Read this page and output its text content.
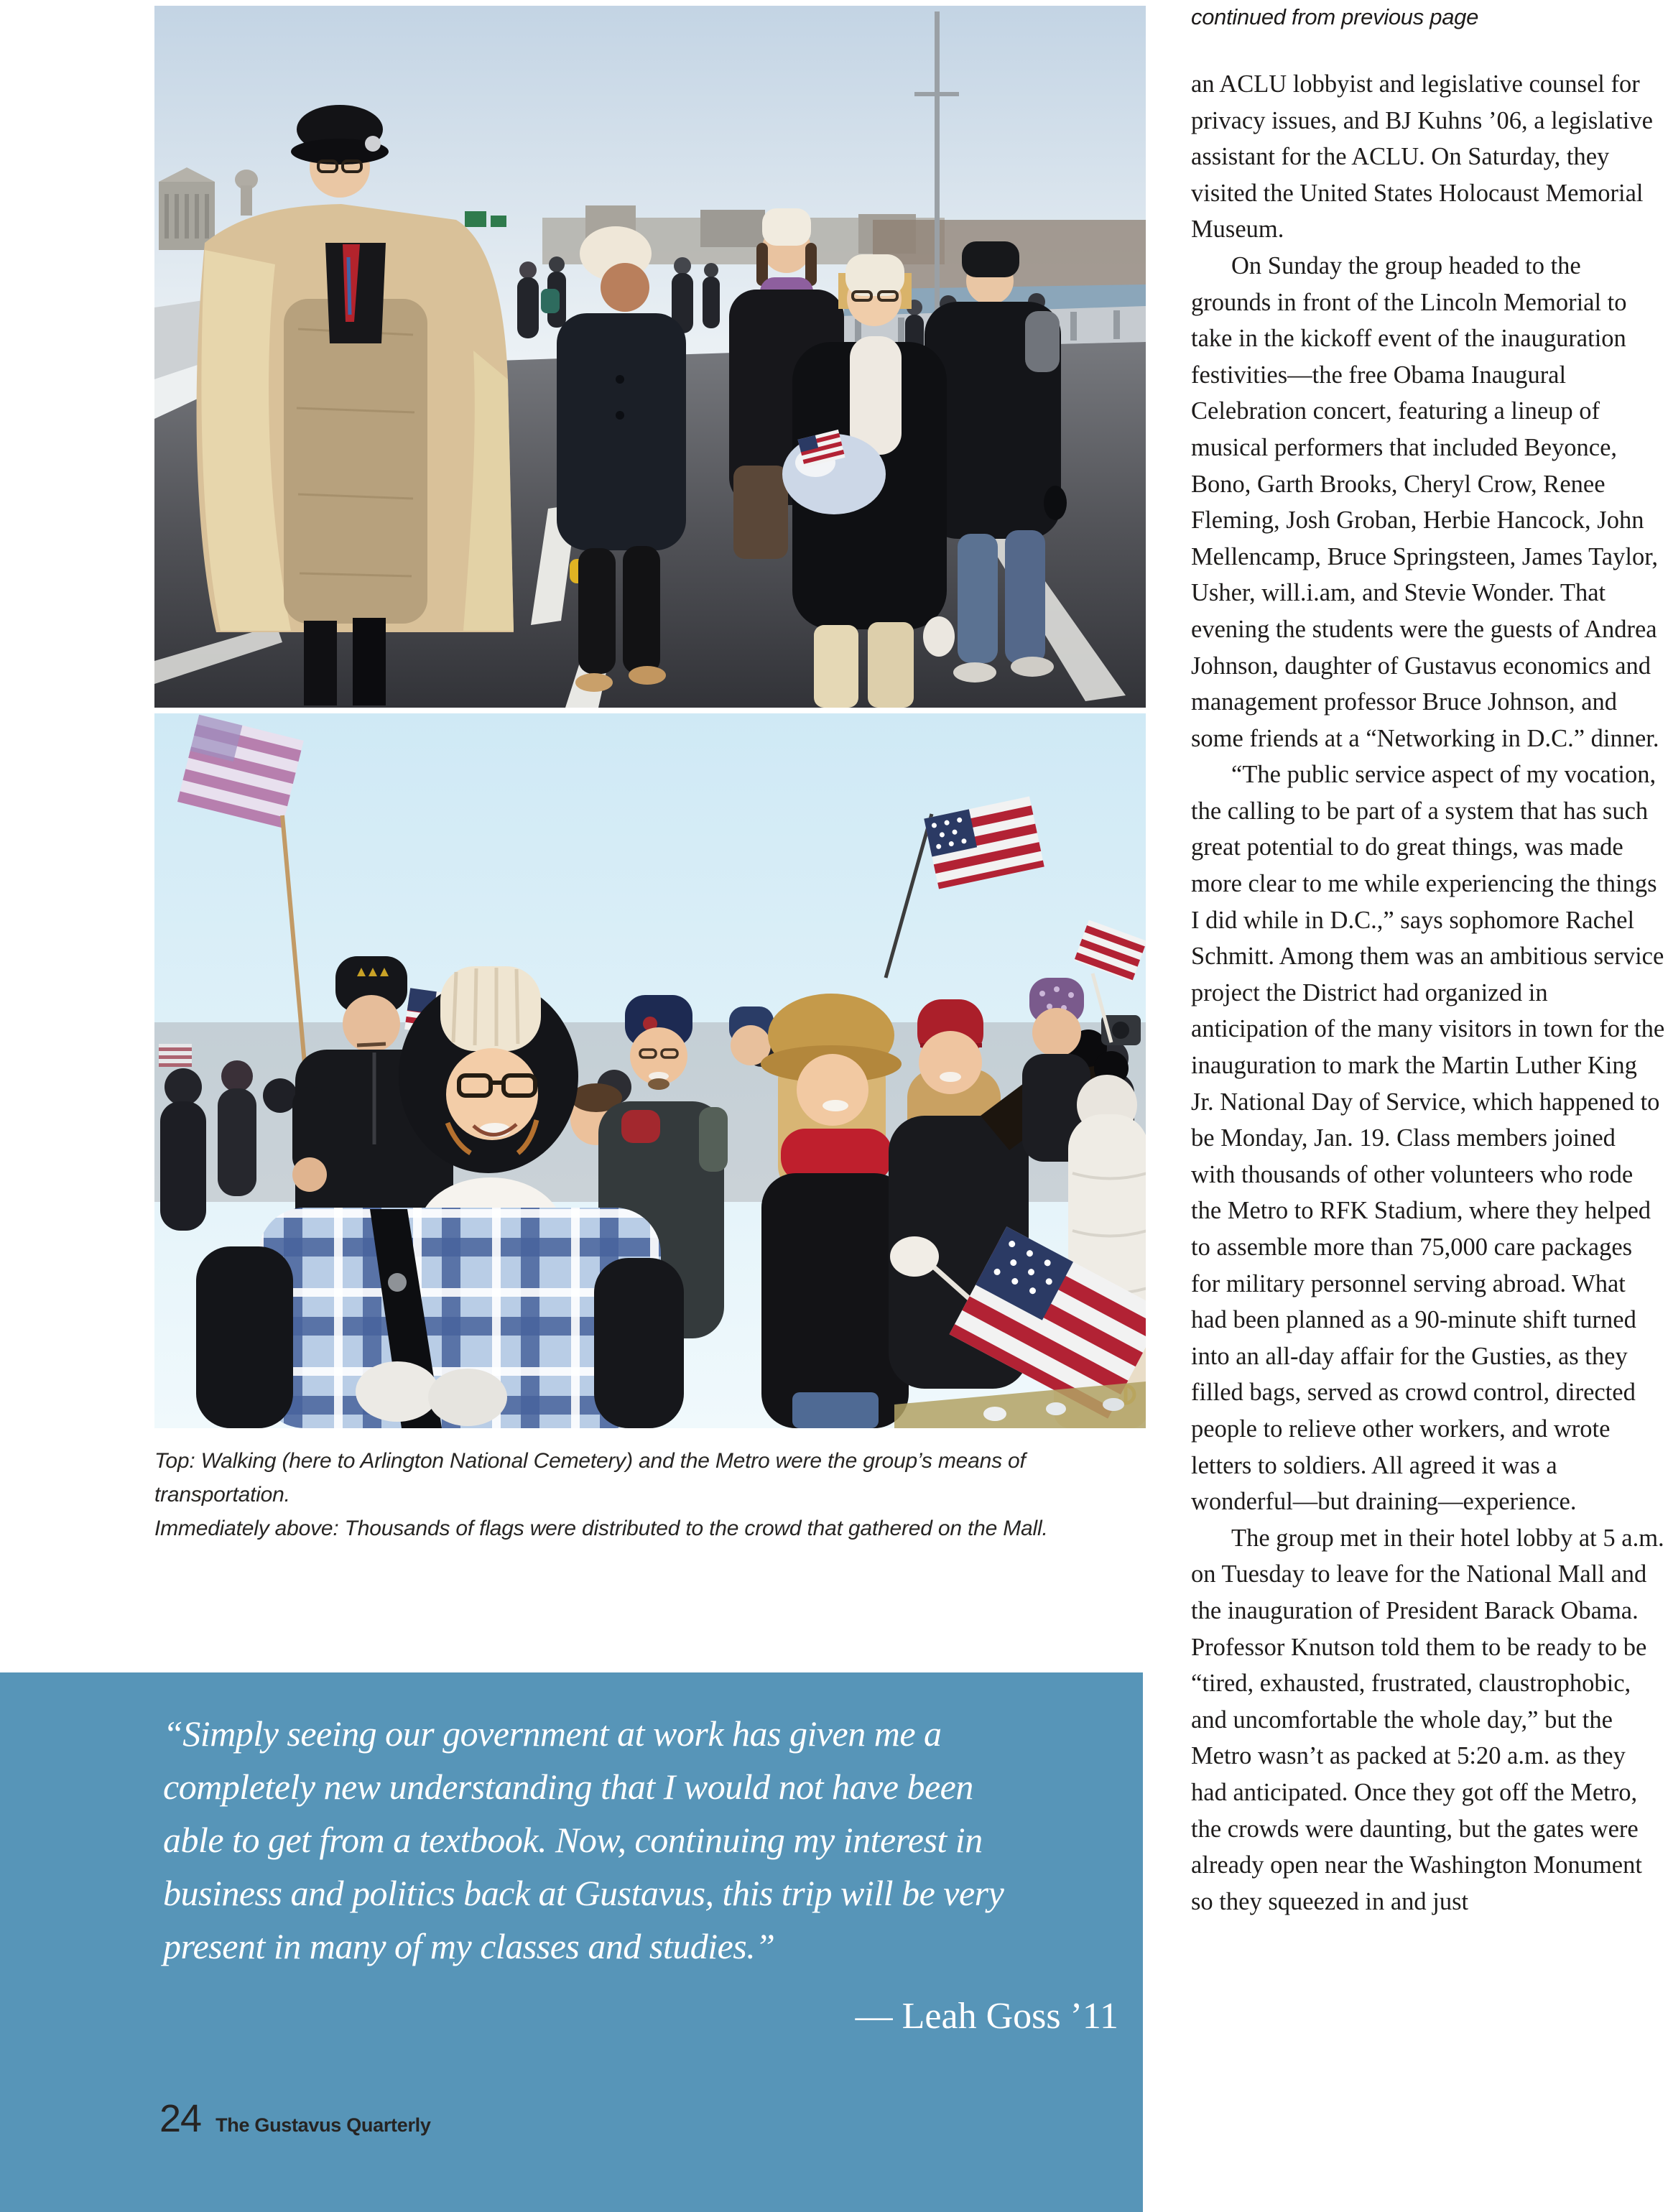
continued from previous page
Top: Walking (here to Arlington National Cemetery) and the Metro were the group’s means of transportation.
Immediately above: Thousands of flags were distributed to the crowd that gathered on the Mall.
“Simply seeing our government at work has given me a
completely new understanding that I would not have been
able to get from a textbook. Now, continuing my interest in
business and politics back at Gustavus, this trip will be very
present in many of my classes and studies.”
— Leah Goss ’11
24 The Gustavus Quarterly

an ACLU lobbyist and legislative counsel for privacy issues, and BJ Kuhns ’06, a legislative assistant for the ACLU. On Saturday, they visited the United States Holocaust Memorial Museum.

On Sunday the group headed to the grounds in front of the Lincoln Memorial to take in the kickoff event of the inauguration festivities—the free Obama Inaugural Celebration concert, featuring a lineup of musical performers that included Beyonce, Bono, Garth Brooks, Cheryl Crow, Renee Fleming, Josh Groban, Herbie Hancock, John Mellencamp, Bruce Springsteen, James Taylor, Usher, will.i.am, and Stevie Wonder. That evening the students were the guests of Andrea Johnson, daughter of Gustavus economics and management professor Bruce Johnson, and some friends at a “Networking in D.C.” dinner.

“The public service aspect of my vocation, the calling to be part of a system that has such great potential to do great things, was made more clear to me while experiencing the things I did while in D.C.,” says sophomore Rachel Schmitt. Among them was an ambitious service project the District had organized in anticipation of the many visitors in town for the inauguration to mark the Martin Luther King Jr. National Day of Service, which happened to be Monday, Jan. 19. Class members joined with thousands of other volunteers who rode the Metro to RFK Stadium, where they helped to assemble more than 75,000 care packages for military personnel serving abroad. What had been planned as a 90-minute shift turned into an all-day affair for the Gusties, as they filled bags, served as crowd control, directed people to relieve other workers, and wrote letters to soldiers. All agreed it was a wonderful—but draining—experience.

The group met in their hotel lobby at 5 a.m. on Tuesday to leave for the National Mall and the inauguration of President Barack Obama. Professor Knutson told them to be ready to be “tired, exhausted, frustrated, claustrophobic, and uncomfortable the whole day,” but the Metro wasn’t as packed at 5:20 a.m. as they had anticipated. Once they got off the Metro, the crowds were daunting, but the gates were already open near the Washington Monument so they squeezed in and just
